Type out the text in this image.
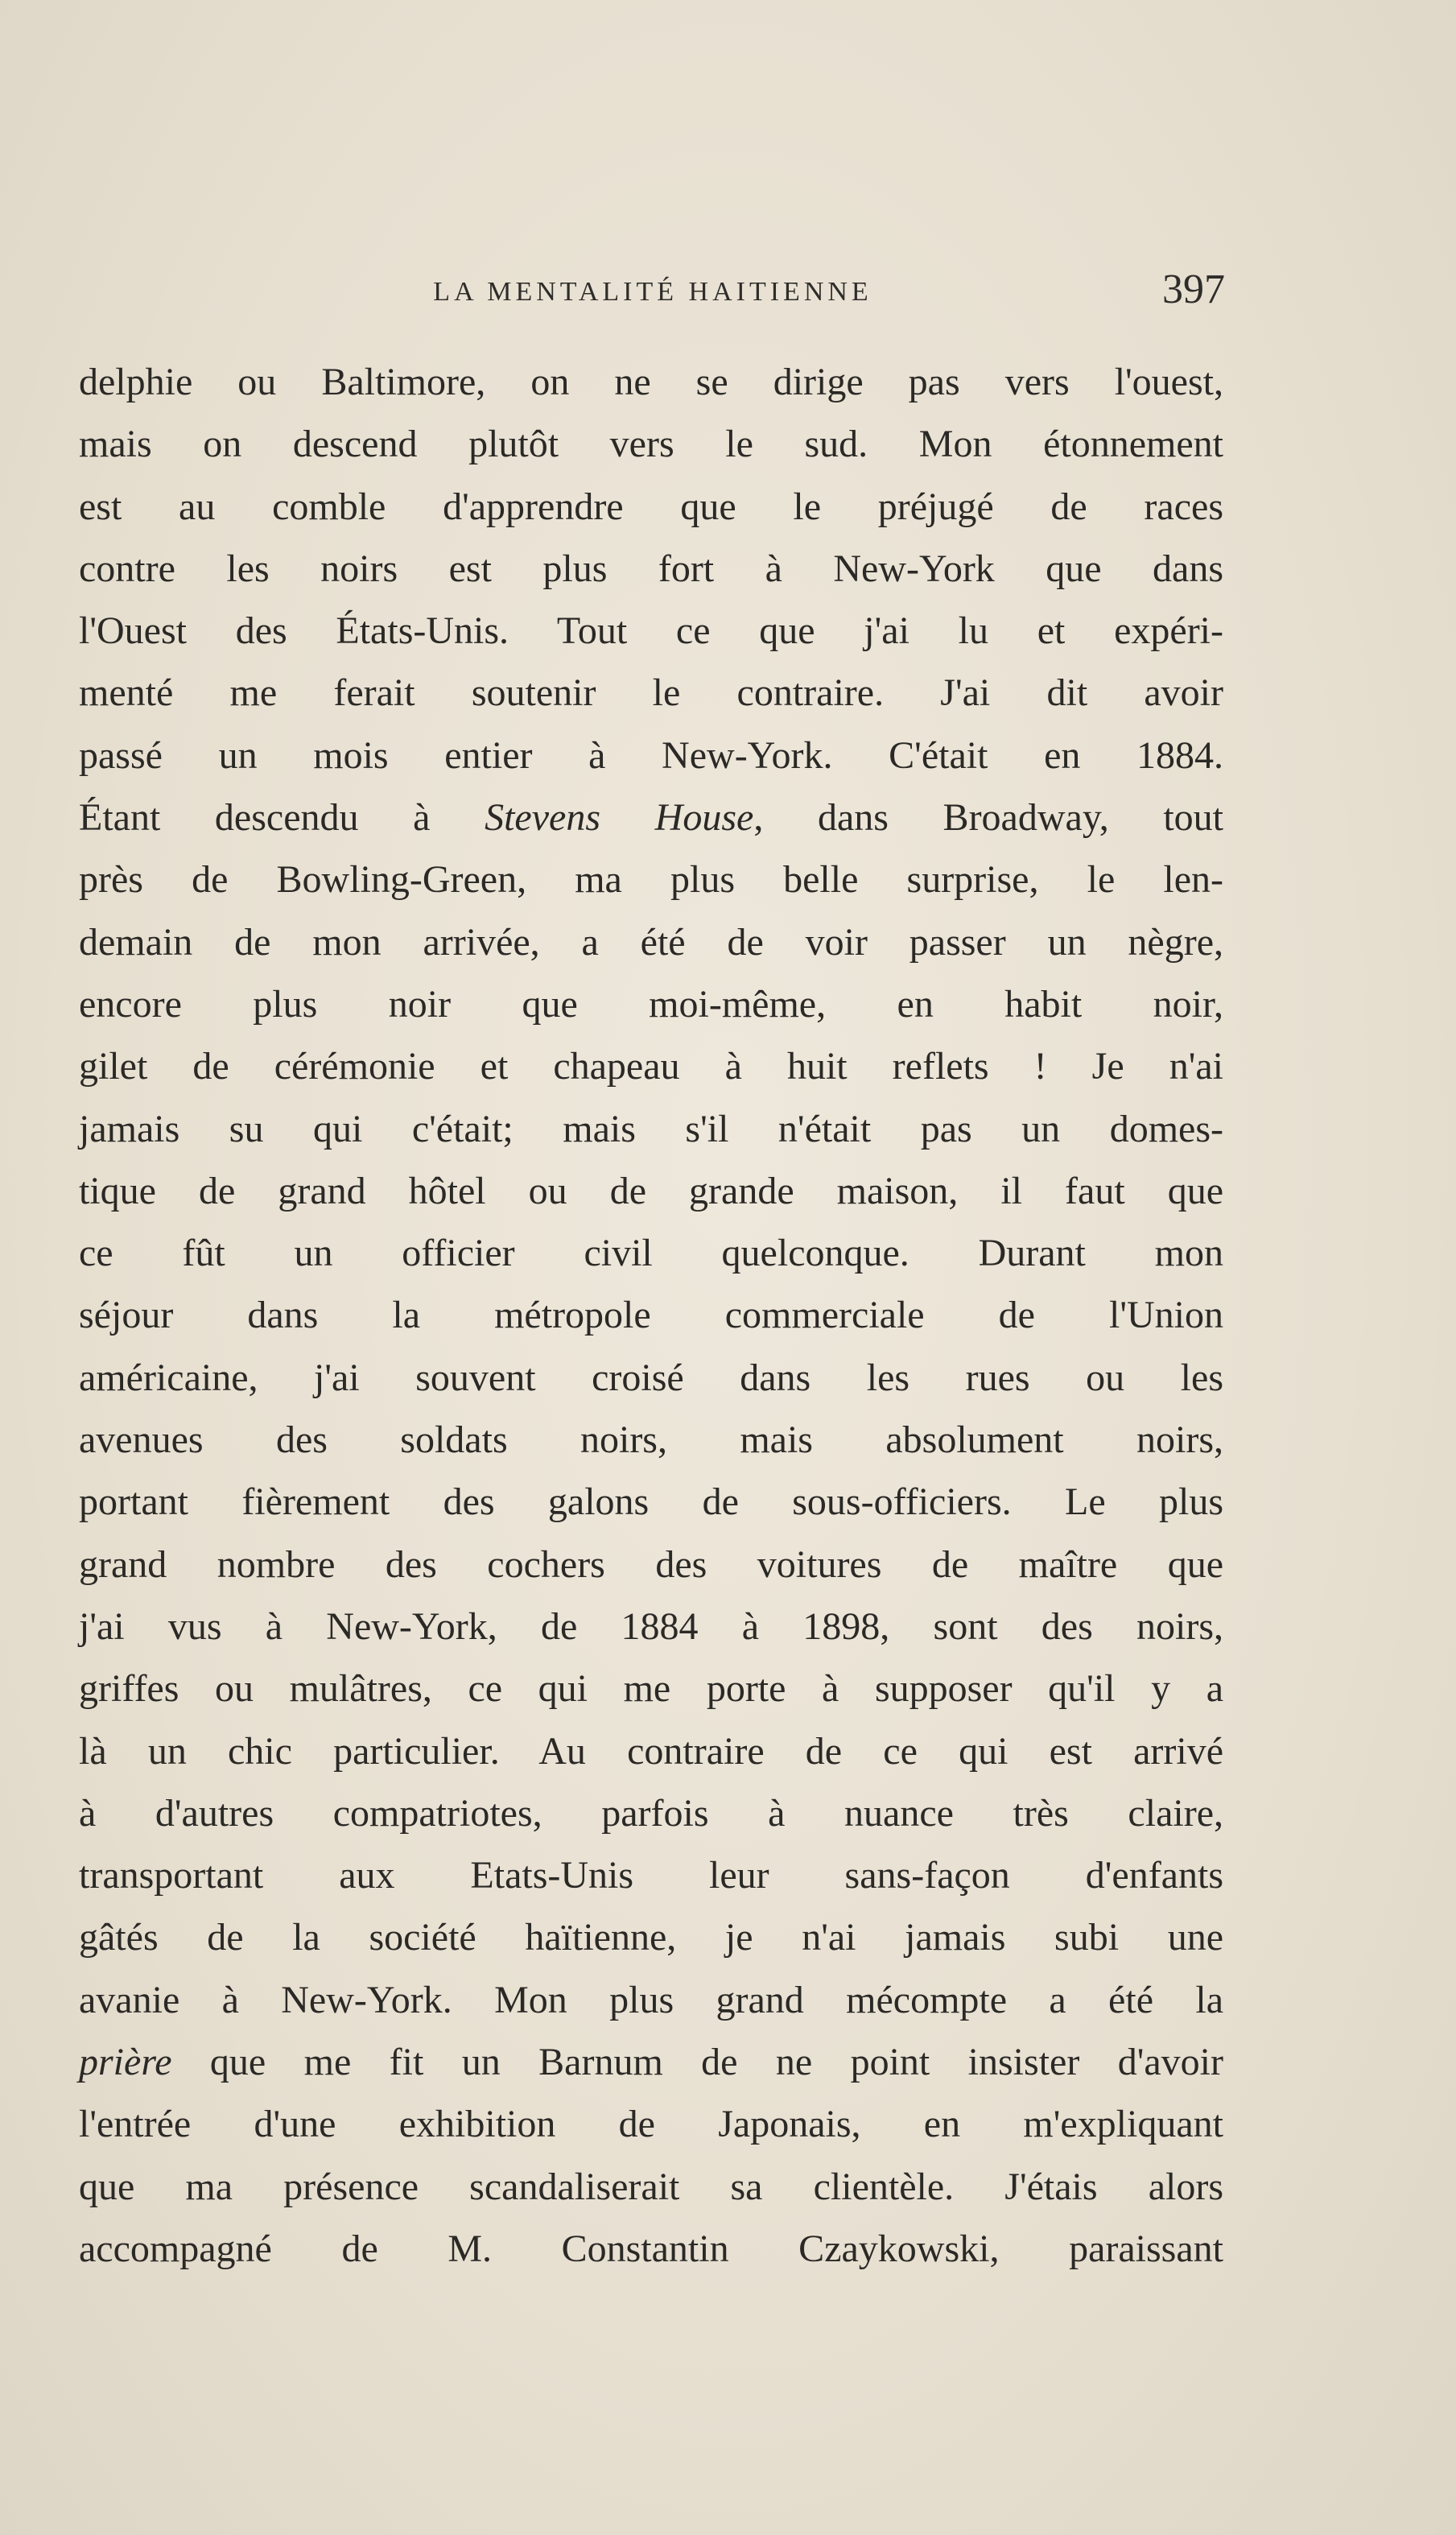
LA MENTALITÉ HAITIENNE	397
delphie ou Baltimore, on ne se dirige pas vers l'ouest,
mais on descend plutôt vers le sud. Mon étonnement
est au comble d'apprendre que le préjugé de races
contre les noirs est plus fort à New-York que dans
l'Ouest des États-Unis. Tout ce que j'ai lu et expéri-
menté me ferait soutenir le contraire. J'ai dit avoir
passé un mois entier à New-York. C'était en 1884.
Étant descendu à Stevens House, dans Broadway, tout
près de Bowling-Green, ma plus belle surprise, le len-
demain de mon arrivée, a été de voir passer un nègre,
encore plus noir que moi-même, en habit noir,
gilet de cérémonie et chapeau à huit reflets ! Je n'ai
jamais su qui c'était; mais s'il n'était pas un domes-
tique de grand hôtel ou de grande maison, il faut que
ce fût un officier civil quelconque. Durant mon
séjour dans la métropole commerciale de l'Union
américaine, j'ai souvent croisé dans les rues ou les
avenues des soldats noirs, mais absolument noirs,
portant fièrement des galons de sous-officiers. Le plus
grand nombre des cochers des voitures de maître que
j'ai vus à New-York, de 1884 à 1898, sont des noirs,
griffes ou mulâtres, ce qui me porte à supposer qu'il y a
là un chic particulier. Au contraire de ce qui est arrivé
à d'autres compatriotes, parfois à nuance très claire,
transportant aux Etats-Unis leur sans-façon d'enfants
gâtés de la société haïtienne, je n'ai jamais subi une
avanie à New-York. Mon plus grand mécompte a été la
prière que me fit un Barnum de ne point insister d'avoir
l'entrée d'une exhibition de Japonais, en m'expliquant
que ma présence scandaliserait sa clientèle. J'étais alors
accompagné de M. Constantin Czaykowski, paraissant
